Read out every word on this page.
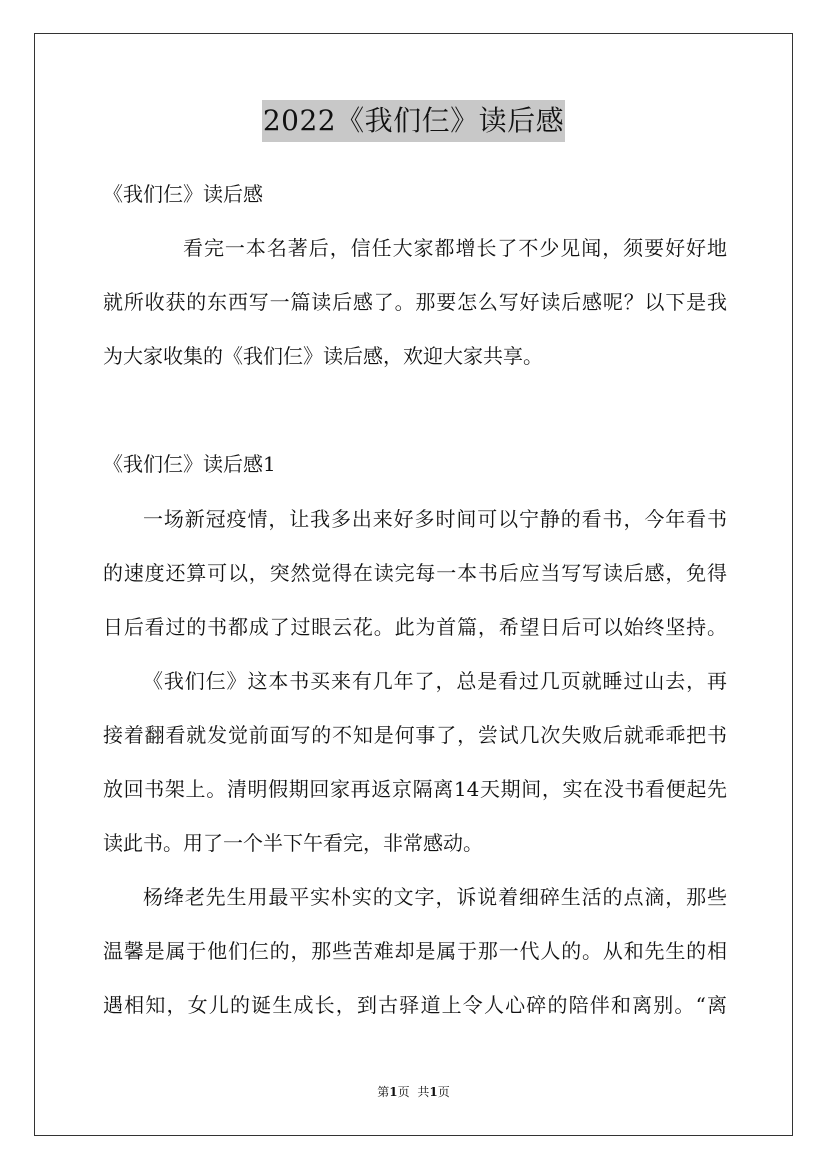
2022《我们仨》读后感
《我们仨》读后感
看完一本名著后，信任大家都增长了不少见闻，须要好好地
就所收获的东西写一篇读后感了。那要怎么写好读后感呢？以下是我
为大家收集的《我们仨》读后感，欢迎大家共享。
《我们仨》读后感1
一场新冠疫情，让我多出来好多时间可以宁静的看书，今年看书
的速度还算可以，突然觉得在读完每一本书后应当写写读后感，免得
日后看过的书都成了过眼云花。此为首篇，希望日后可以始终坚持。
《我们仨》这本书买来有几年了，总是看过几页就睡过山去，再
接着翻看就发觉前面写的不知是何事了，尝试几次失败后就乖乖把书
放回书架上。清明假期回家再返京隔离14天期间，实在没书看便起先
读此书。用了一个半下午看完，非常感动。
杨绛老先生用最平实朴实的文字，诉说着细碎生活的点滴，那些
温馨是属于他们仨的，那些苦难却是属于那一代人的。从和先生的相
遇相知，女儿的诞生成长，到古驿道上令人心碎的陪伴和离别。“离
第1页 共1页
